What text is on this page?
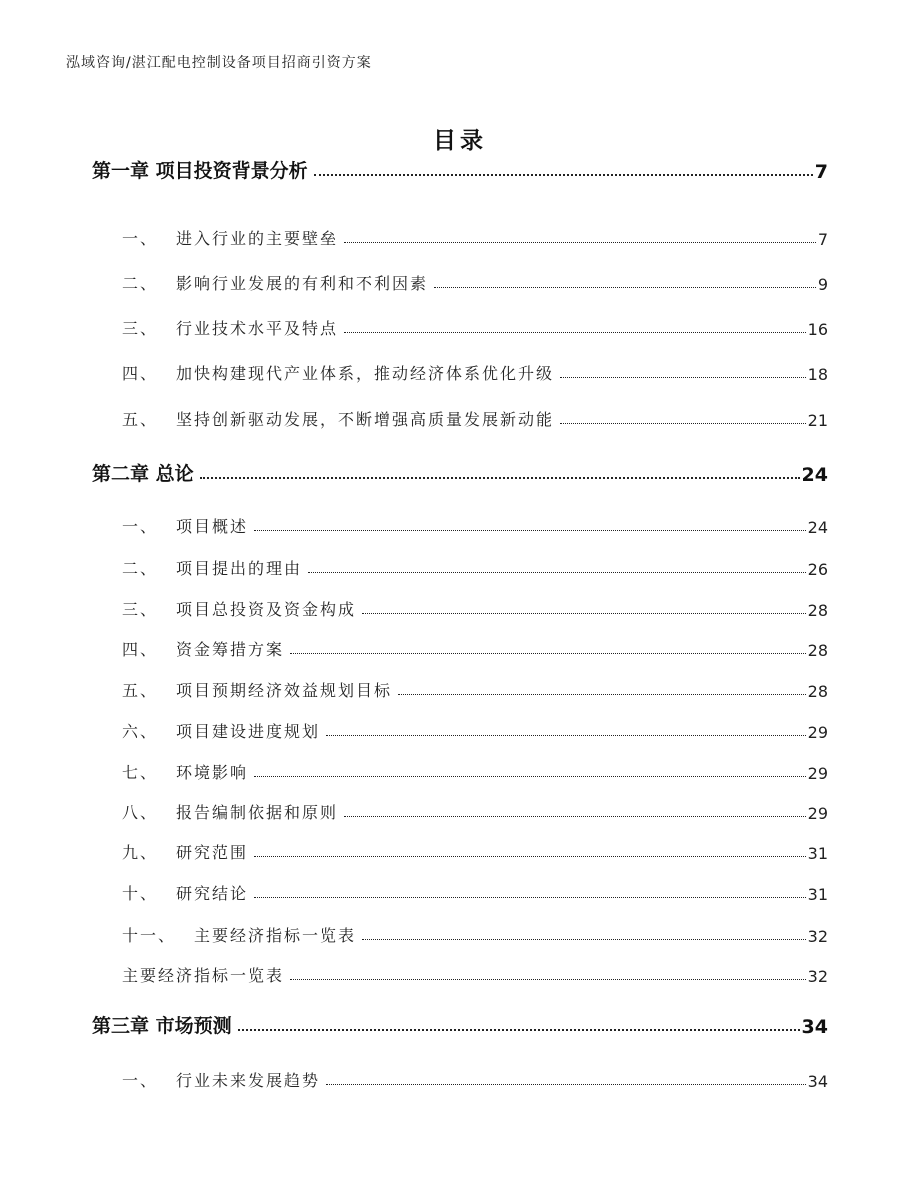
泓域咨询/湛江配电控制设备项目招商引资方案
目录
第一章 项目投资背景分析	7
一、 进入行业的主要壁垒	7
二、 影响行业发展的有利和不利因素	9
三、 行业技术水平及特点	16
四、 加快构建现代产业体系，推动经济体系优化升级	18
五、 坚持创新驱动发展，不断增强高质量发展新动能	21
第二章 总论	24
一、 项目概述	24
二、 项目提出的理由	26
三、 项目总投资及资金构成	28
四、 资金筹措方案	28
五、 项目预期经济效益规划目标	28
六、 项目建设进度规划	29
七、 环境影响	29
八、 报告编制依据和原则	29
九、 研究范围	31
十、 研究结论	31
十一、 主要经济指标一览表	32
主要经济指标一览表	32
第三章 市场预测	34
一、 行业未来发展趋势	34
